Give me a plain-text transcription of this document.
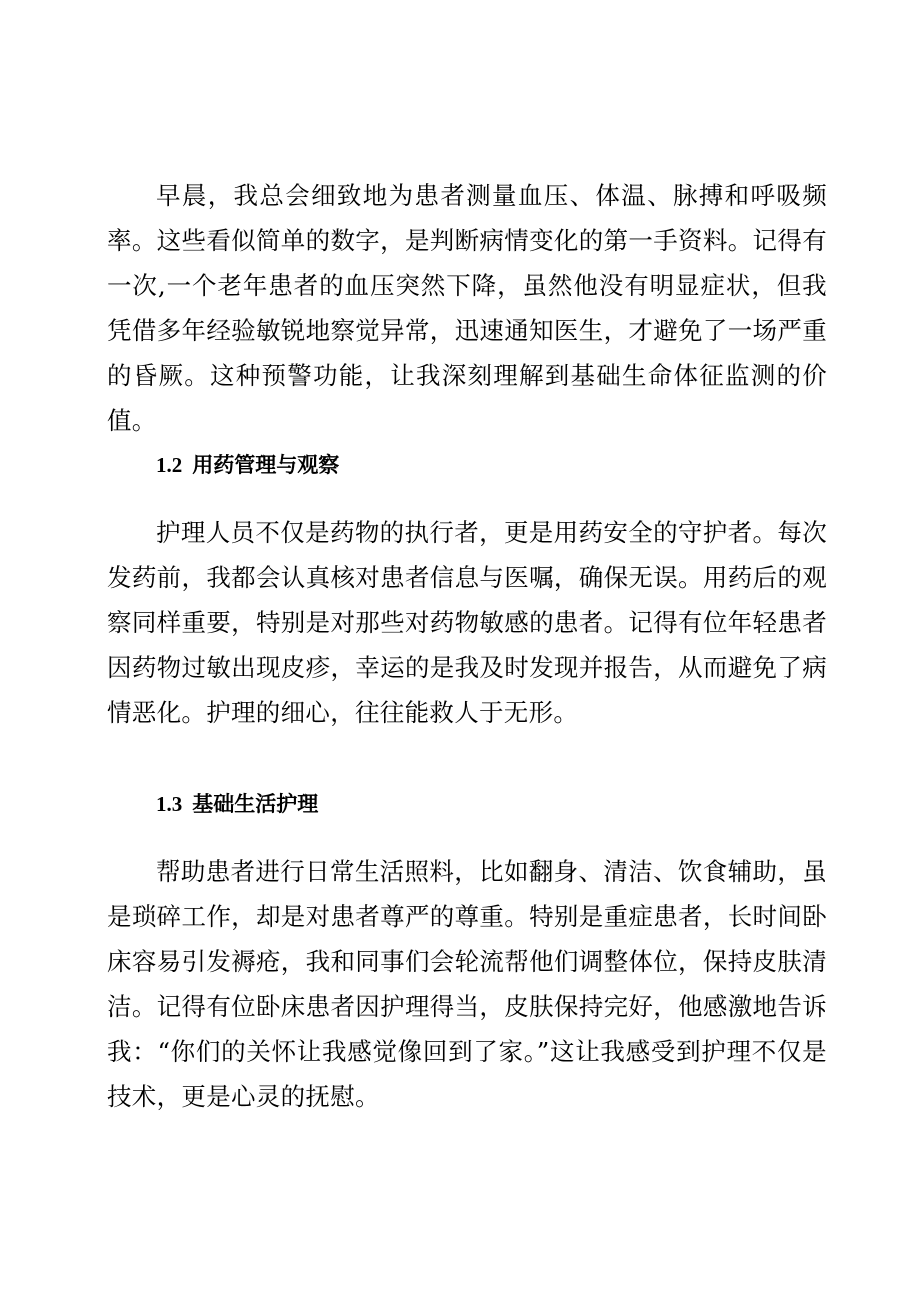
早晨，我总会细致地为患者测量血压、体温、脉搏和呼吸频率。这些看似简单的数字，是判断病情变化的第一手资料。记得有一次,一个老年患者的血压突然下降，虽然他没有明显症状，但我凭借多年经验敏锐地察觉异常，迅速通知医生，才避免了一场严重的昏厥。这种预警功能，让我深刻理解到基础生命体征监测的价值。

1.2 用药管理与观察

护理人员不仅是药物的执行者，更是用药安全的守护者。每次发药前，我都会认真核对患者信息与医嘱，确保无误。用药后的观察同样重要，特别是对那些对药物敏感的患者。记得有位年轻患者因药物过敏出现皮疹，幸运的是我及时发现并报告，从而避免了病情恶化。护理的细心，往往能救人于无形。

1.3 基础生活护理

帮助患者进行日常生活照料，比如翻身、清洁、饮食辅助，虽是琐碎工作，却是对患者尊严的尊重。特别是重症患者，长时间卧床容易引发褥疮，我和同事们会轮流帮他们调整体位，保持皮肤清洁。记得有位卧床患者因护理得当，皮肤保持完好，他感激地告诉我：“你们的关怀让我感觉像回到了家。”这让我感受到护理不仅是技术，更是心灵的抚慰。
